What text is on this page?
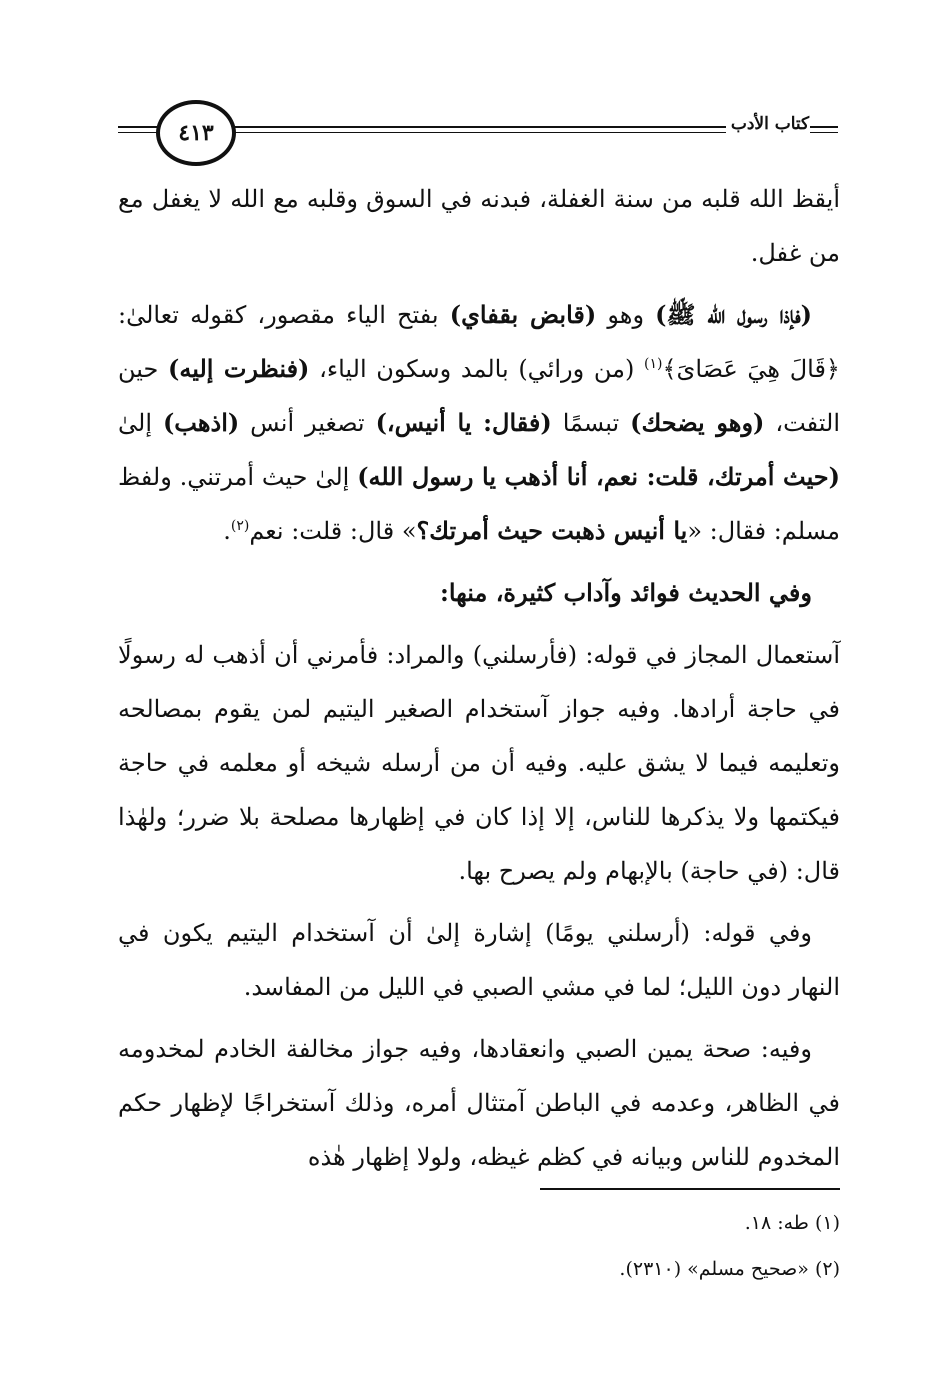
٤١٣	كتاب الأدب

أيقظ الله قلبه من سنة الغفلة، فبدنه في السوق وقلبه مع الله لا يغفل مع من غفل.

(فإذا رسول الله ﷺ) وهو (قابض بقفاي) بفتح الياء مقصور، كقوله تعالىٰ: ﴿قَالَ هِيَ عَصَاىَ﴾$^{(١)}$ (من ورائي) بالمد وسكون الياء، (فنظرت إليه) حين التفت، (وهو يضحك) تبسمًا (فقال: يا أنيس،) تصغير أنس (اذهب) إلىٰ (حيث أمرتك، قلت: نعم، أنا أذهب يا رسول الله) إلىٰ حيث أمرتني. ولفظ مسلم: فقال: «يا أنيس ذهبت حيث أمرتك؟» قال: قلت: نعم$^{(٢)}$.

وفي الحديث فوائد وآداب كثيرة، منها:

آستعمال المجاز في قوله: (فأرسلني) والمراد: فأمرني أن أذهب له رسولًا في حاجة أرادها. وفيه جواز آستخدام الصغير اليتيم لمن يقوم بمصالحه وتعليمه فيما لا يشق عليه. وفيه أن من أرسله شيخه أو معلمه في حاجة فيكتمها ولا يذكرها للناس، إلا إذا كان في إظهارها مصلحة بلا ضرر؛ ولهٰذا قال: (في حاجة) بالإبهام ولم يصرح بها.

وفي قوله: (أرسلني يومًا) إشارة إلىٰ أن آستخدام اليتيم يكون في النهار دون الليل؛ لما في مشي الصبي في الليل من المفاسد.

وفيه: صحة يمين الصبي وانعقادها، وفيه جواز مخالفة الخادم لمخدومه في الظاهر، وعدمه في الباطن آمتثال أمره، وذلك آستخراجًا لإظهار حكم المخدوم للناس وبيانه في كظم غيظه، ولولا إظهار هٰذه

(١) طه: ١٨.
(٢) «صحيح مسلم» (٢٣١٠).
